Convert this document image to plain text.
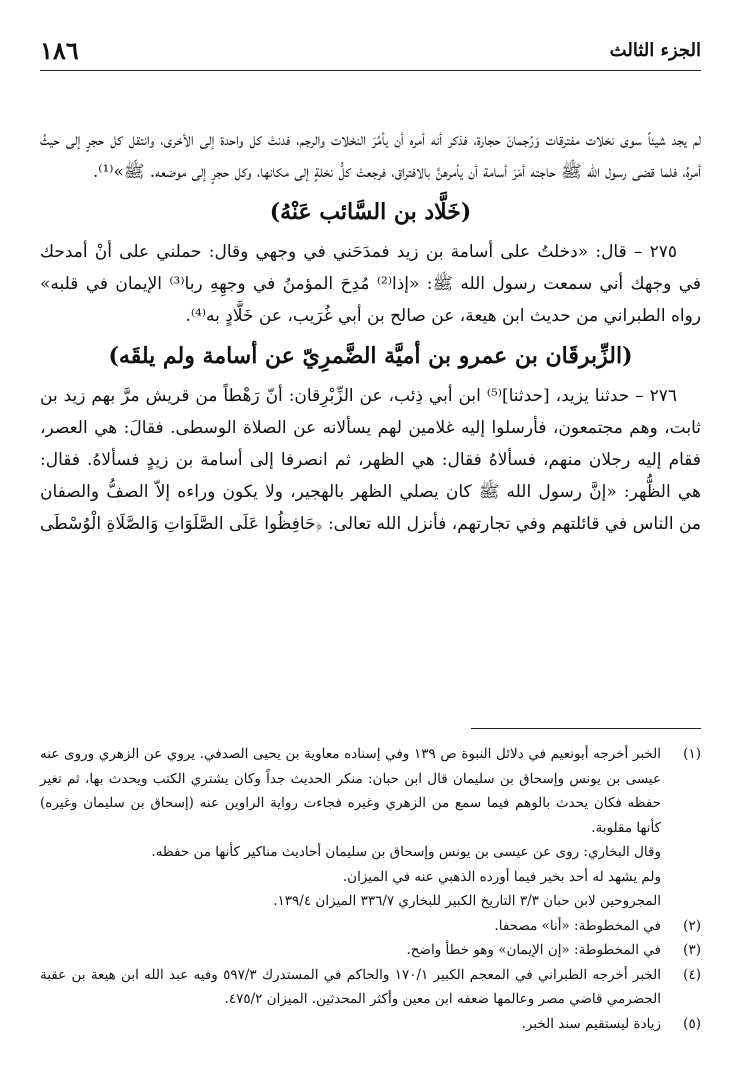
١٨٦	الجزء الثالث

لم يجد شيئاً سوى نخلات مفترقات وَرُجمانَ حجارة، فذكر أنه أمره أن يأمُرَ النخلات والرجم، فدنتْ كل واحدة إلى الأخرى، وانتقل كل حجرٍ إلى حيثُ أمرهُ، فلما قضى رسول الله ﷺ حاجته أمَرَ أسامة أن يأمرهنَّ بالافتراق، فرجعتْ كلُّ نخلةٍ إلى مكانها، وكل حجرٍ إلى موضعه. ﷺ»⁽¹⁾.

(خَلَّاد بن السَّائب عَنْهُ)

٢٧٥ – قال: «دخلتُ على أسامة بن زيد فمدَحَني في وجهي وقال: حملني على أنْ أمدحك في وجهك أني سمعت رسول الله ﷺ: «إذا⁽²⁾ مُدِحَ المؤمنُ في وجهِهِ ربا⁽³⁾ الإيمان في قلبه» رواه الطبراني من حديث ابن هيعة، عن صالح بن أبي غُرَيب، عن خَلَّادٍ به⁽⁴⁾.

(الزِّبرقَان بن عمرو بن أميَّة الضَّمرِيّ عن أسامة ولم يلقَه)

٢٧٦ – حدثنا يزيد، [حدثنا]⁽⁵⁾ ابن أبي ذِئب، عن الزِّبْرِقان: أنّ رَهْطاً من قريش مرَّ بهم زيد بن ثابت، وهم مجتمعون، فأرسلوا إليه غلامين لهم يسألانه عن الصلاة الوسطى. فقالَ: هي العصر، فقام إليه رجلان منهم، فسألاهُ فقال: هي الظهر، ثم انصرفا إلى أسامة بن زيدٍ فسألاهُ. فقال: هي الظُّهر: «إنَّ رسول الله ﷺ كان يصلي الظهر بالهجير، ولا يكون وراءه إلاّ الصفُّ والصفان من الناس في قائلتهم وفي تجارتهم، فأنزل الله تعالى: ﴿حَافِظُوا عَلَى الصَّلَوَاتِ وَالصَّلَاةِ الْوُسْطَى

(١)
الخبر أخرجه أبونعيم في دلائل النبوة ص ١٣٩ وفي إسناده معاوية بن يحيى الصدفي. يروي عن الزهري وروى عنه عيسى بن يونس وإسحاق بن سليمان قال ابن حبان: منكر الحديث جداً وكان يشتري الكتب ويحدث بها، ثم تغير حفظه فكان يحدث بالوهم فيما سمع من الزهري وغيره فجاءت رواية الراوين عنه (إسحاق بن سليمان وغيره) كأنها مقلوبة.
وقال البخاري: روى عن عيسى بن يونس وإسحاق بن سليمان أحاديث مناكير كأنها من حفظه.
ولم يشهد له أحد بخير فيما أورده الذهبي عنه في الميزان.
المجروحين لابن حبان ٣/٣ التاريخ الكبير للبخاري ٣٣٦/٧ الميزان ١٣٩/٤.
(٢)
في المخطوطة: «أنا» مصحفا.
(٣)
في المخطوطة: «إن الإيمان» وهو خطأ واضح.
(٤)
الخبر أخرجه الطبراني في المعجم الكبير ١٧٠/١ والحاكم في المستدرك ٥٩٧/٣ وفيه عبد الله ابن هيعة بن عقبة الحضرمي قاضي مصر وعالمها ضعفه ابن معين وأكثر المحدثين. الميزان ٤٧٥/٢.
(٥)
زيادة ليستقيم سند الخبر.
